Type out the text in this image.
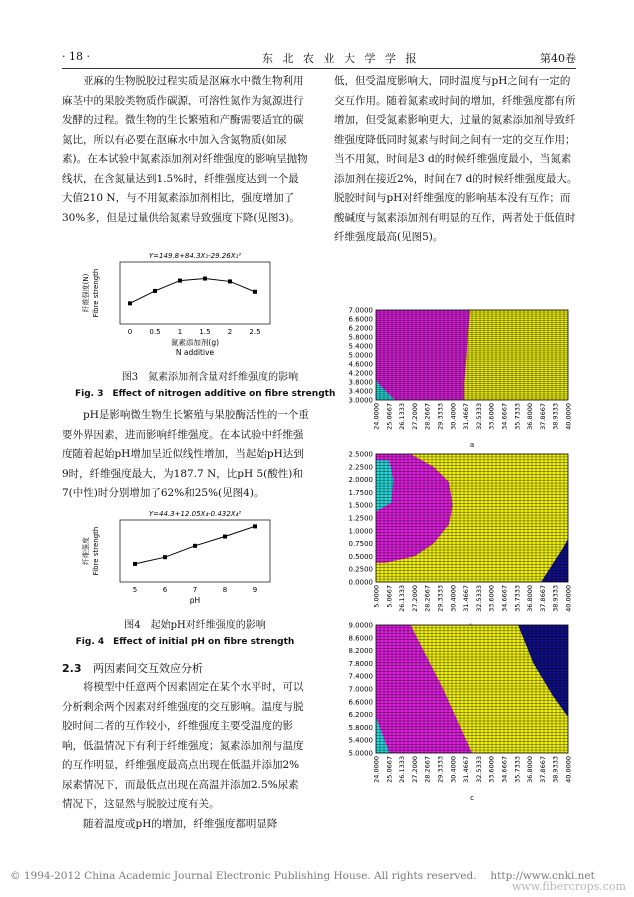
· 18 ·	东 北 农 业 大 学 学 报	第40卷

亚麻的生物脱胶过程实质是沤麻水中微生物利用麻茎中的果胶类物质作碳源，可溶性氮作为氮源进行发酵的过程。微生物的生长繁殖和产酶需要适宜的碳氮比，所以有必要在沤麻水中加入含氮物质(如尿素)。在本试验中氮素添加剂对纤维强度的影响呈抛物线状，在含氮量达到1.5%时，纤维强度达到一个最大值210 N，与不用氮素添加剂相比，强度增加了30%多，但是过量供给氮素导致强度下降(见图3)。

Y=149.8+84.3X₁-29.26X₁²
0 0.5 1 1.5 2 2.5
纤维强度(N) Fibre strength
氮素添加剂(g)
N additive
图3　氮素添加剂含量对纤维强度的影响
Fig. 3　Effect of nitrogen additive on fibre strength

pH是影响微生物生长繁殖与果胶酶活性的一个重要外界因素，进而影响纤维强度。在本试验中纤维强度随着起始pH增加呈近似线性增加，当起始pH达到9时，纤维强度最大，为187.7 N，比pH 5(酸性)和7(中性)时分别增加了62%和25%(见图4)。

Y=44.3+12.05X₄-0.432X₄²
5	6	7	8	9
纤维强度 Fibre strength
pH
图4　起始pH对纤维强度的影响
Fig. 4　Effect of initial pH on fibre strength
2.3 两因素间交互效应分析

将模型中任意两个因素固定在某个水平时，可以分析剩余两个因素对纤维强度的交互影响。温度与脱胶时间二者的互作较小，纤维强度主要受温度的影响，低温情况下有利于纤维强度；氮素添加剂与温度的互作明显，纤维强度最高点出现在低温并添加2%尿素情况下，而最低点出现在高温并添加2.5%尿素情况下，这显然与脱胶过度有关。

随着温度或pH的增加，纤维强度都明显降

低，但受温度影响大，同时温度与pH之间有一定的交互作用。随着氮素或时间的增加，纤维强度都有所增加，但受氮素影响更大，过量的氮素添加剂导致纤维强度降低同时氮素与时间之间有一定的交互作用；当不用氮，时间是3 d的时候纤维强度最小，当氮素添加剂在接近2%，时间在7 d的时候纤维强度最大。脱胶时间与pH对纤维强度的影响基本没有互作；而酸碱度与氮素添加剂有明显的互作，两者处于低值时纤维强度最高(见图5)。

7.0000
6.6000
6.2000
5.8000
5.4000
5.0000
4.6000
4.2000
3.8000
3.4000
3.0000
24.0000 25.0667 26.1333 27.2000 28.2667 29.3333 30.4000 31.4667 32.5333 33.6000 34.6667 35.7333 36.8000 37.8667 38.9333 40.0000
a
2.5000
2.2500
2.0000
1.7500
1.5000
1.2500
1.0000
0.7500
0.5000
0.2500
0.0000
5.0000 5.0667 26.1333 27.2000 28.2667 29.3333 30.4000 31.4667 32.5333 33.6000 34.6667 35.7333 36.8000 37.8667 38.9333 40.0000
9.0000
8.6000
8.2000
7.8000
7.4000
7.0000
6.6000
6.2000
5.8000
5.4000
5.0000
24.0000 25.0667 26.1333 27.2000 28.2667 29.3333 30.4000 31.4667 32.5333 33.6000 34.6667 35.7333 36.8000 37.8667 38.9333 40.0000
c
© 1994-2012 China Academic Journal Electronic Publishing House. All rights reserved.　 http://www.cnki.net
www.fibercrops.com
